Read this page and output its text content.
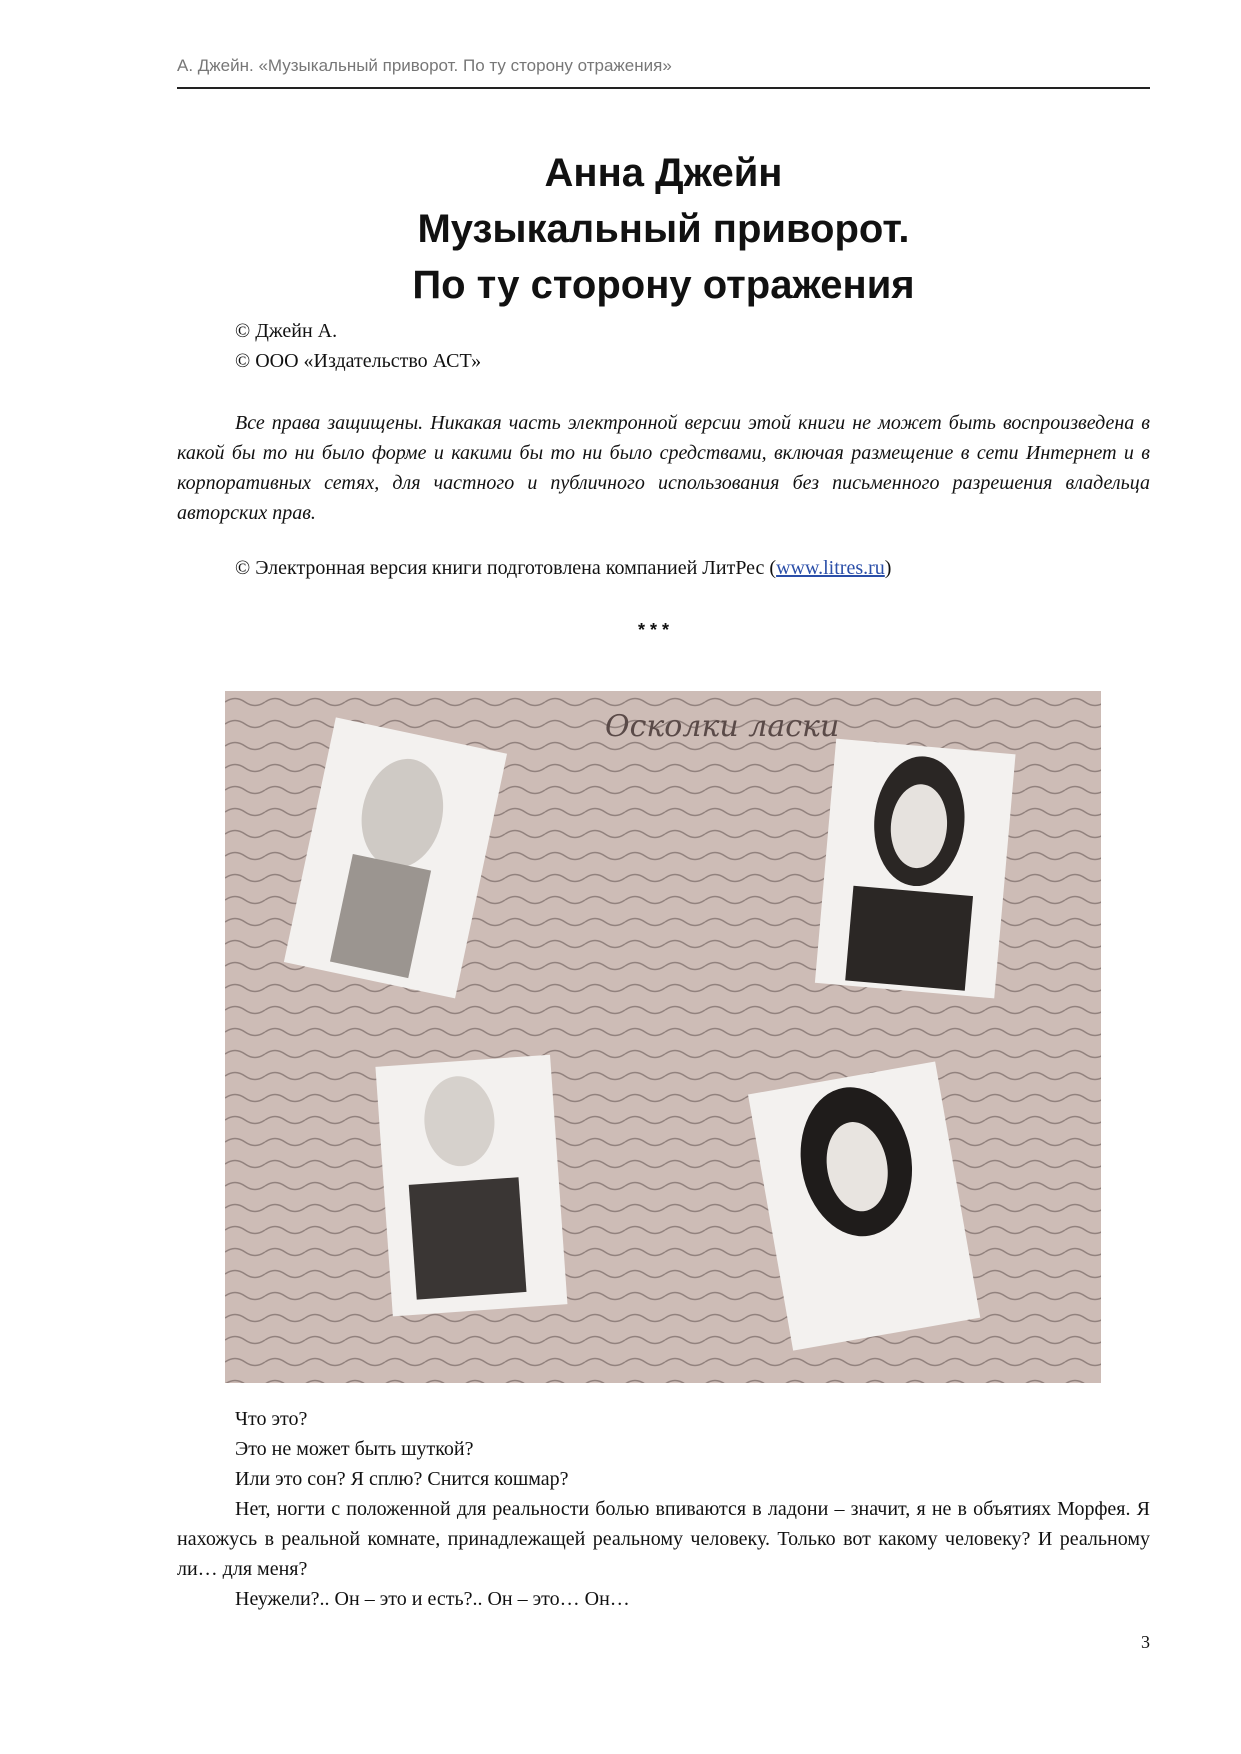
А. Джейн. «Музыкальный приворот. По ту сторону отражения»
Анна Джейн
Музыкальный приворот.
По ту сторону отражения
© Джейн А.
© ООО «Издательство АСТ»
Все права защищены. Никакая часть электронной версии этой книги не может быть воспроизведена в какой бы то ни было форме и какими бы то ни было средствами, включая размещение в сети Интернет и в корпоративных сетях, для частного и публичного использования без письменного разрешения владельца авторских прав.
© Электронная версия книги подготовлена компанией ЛитРес (www.litres.ru)
* * *
Осколки ласки
Что это?
Это не может быть шуткой?
Или это сон? Я сплю? Снится кошмар?
Нет, ногти с положенной для реальности болью впиваются в ладони – значит, я не в объятиях Морфея. Я нахожусь в реальной комнате, принадлежащей реальному человеку. Только вот какому человеку? И реальному ли… для меня?
Неужели?.. Он – это и есть?.. Он – это… Он…
3
